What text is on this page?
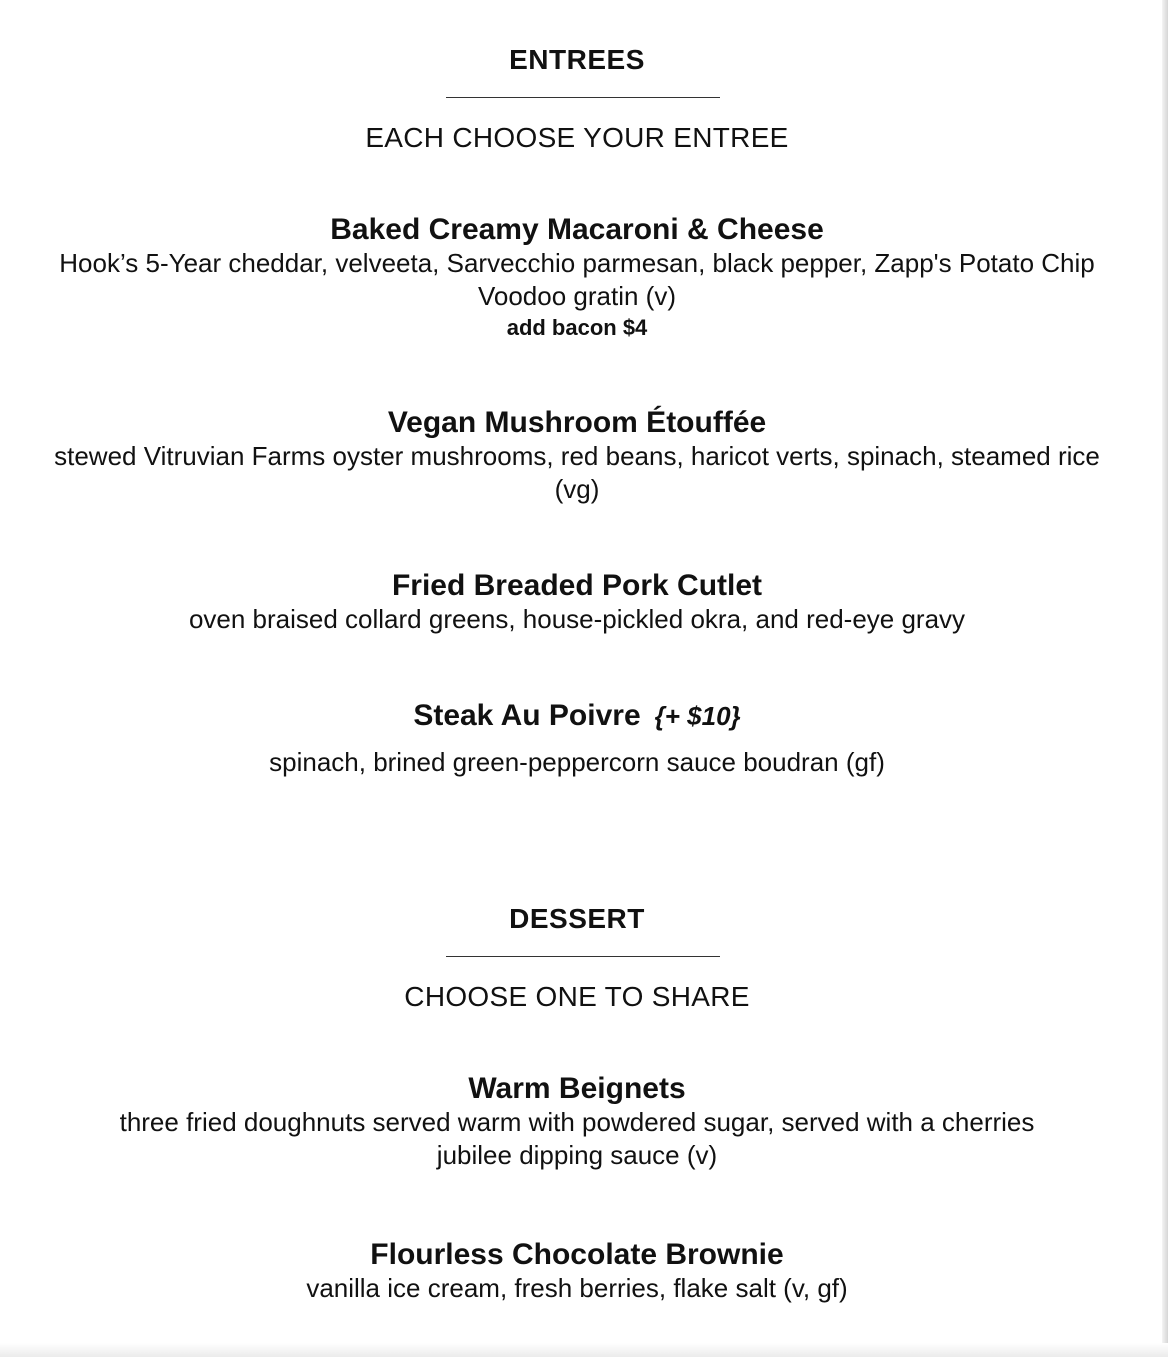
ENTREES
EACH CHOOSE YOUR ENTREE
Baked Creamy Macaroni & Cheese
Hook’s 5-Year cheddar, velveeta, Sarvecchio parmesan, black pepper, Zapp's Potato Chip Voodoo gratin (v)
add bacon $4
Vegan Mushroom Étouffée
stewed Vitruvian Farms oyster mushrooms, red beans, haricot verts, spinach, steamed rice (vg)
Fried Breaded Pork Cutlet
oven braised collard greens, house-pickled okra, and red-eye gravy
Steak Au Poivre {+ $10}
spinach, brined green-peppercorn sauce boudran (gf)
DESSERT
CHOOSE ONE TO SHARE
Warm Beignets
three fried doughnuts served warm with powdered sugar, served with a cherries jubilee dipping sauce (v)
Flourless Chocolate Brownie
vanilla ice cream, fresh berries, flake salt (v, gf)
